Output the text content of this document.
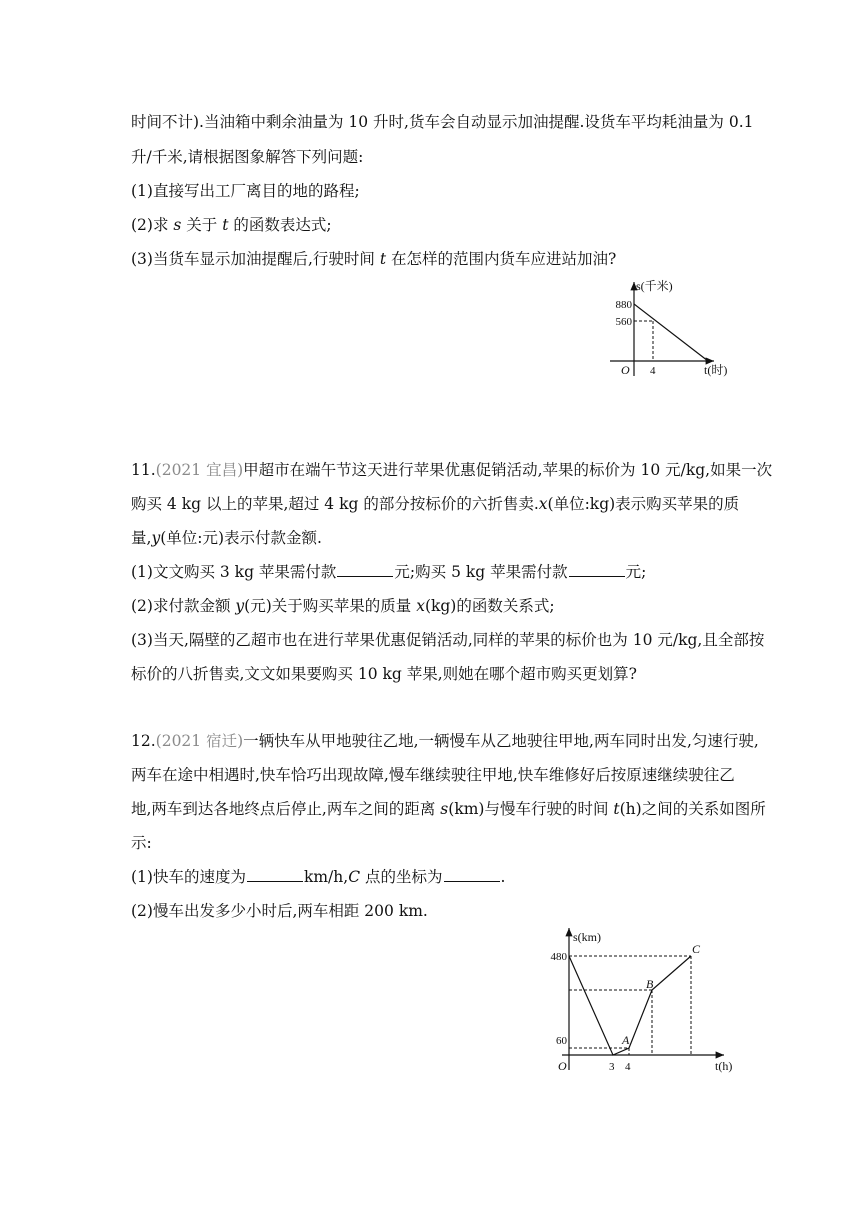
时间不计).当油箱中剩余油量为 10 升时,货车会自动显示加油提醒.设货车平均耗油量为 0.1
升/千米,请根据图象解答下列问题:
(1)直接写出工厂离目的地的路程;
(2)求 s 关于 t 的函数表达式;
(3)当货车显示加油提醒后,行驶时间 t 在怎样的范围内货车应进站加油?
s(千米)
880
560
O 4	t(时)
11.(2021 宜昌)甲超市在端午节这天进行苹果优惠促销活动,苹果的标价为 10 元/kg,如果一次
购买 4 kg 以上的苹果,超过 4 kg 的部分按标价的六折售卖.x(单位:kg)表示购买苹果的质
量,y(单位:元)表示付款金额.
(1)文文购买 3 kg 苹果需付款	元;购买 5 kg 苹果需付款	元;
(2)求付款金额 y(元)关于购买苹果的质量 x(kg)的函数关系式;
(3)当天,隔壁的乙超市也在进行苹果优惠促销活动,同样的苹果的标价也为 10 元/kg,且全部按
标价的八折售卖,文文如果要购买 10 kg 苹果,则她在哪个超市购买更划算?
12.(2021 宿迁)一辆快车从甲地驶往乙地,一辆慢车从乙地驶往甲地,两车同时出发,匀速行驶,
两车在途中相遇时,快车恰巧出现故障,慢车继续驶往甲地,快车维修好后按原速继续驶往乙
地,两车到达各地终点后停止,两车之间的距离 s(km)与慢车行驶的时间 t(h)之间的关系如图所
示:
(1)快车的速度为	km/h,C 点的坐标为	.
(2)慢车出发多少小时后,两车相距 200 km.
s(km)
480
60
O	3 4	t(h)
A
B
C
